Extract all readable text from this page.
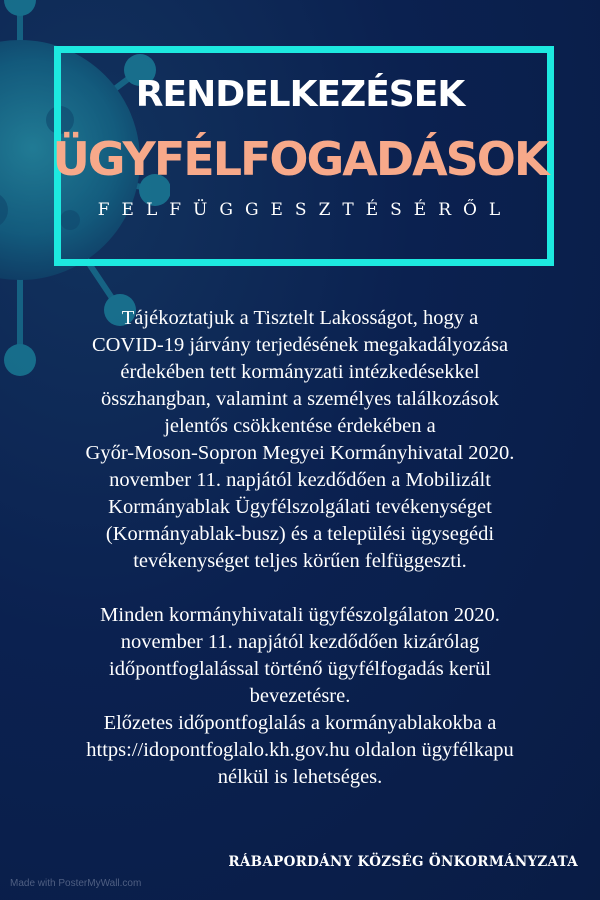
RENDELKEZÉSEK
ÜGYFÉLFOGADÁSOK
FELFÜGGESZTÉSÉRŐL

Tájékoztatjuk a Tisztelt Lakosságot, hogy a

COVID-19 járvány terjedésének megakadályozása

érdekében tett kormányzati intézkedésekkel

összhangban, valamint a személyes találkozások

jelentős csökkentése érdekében a

Győr-Moson-Sopron Megyei Kormányhivatal 2020.

november 11. napjától kezdődően a Mobilizált

Kormányablak Ügyfélszolgálati tevékenységet

(Kormányablak-busz) és a települési ügysegédi

tevékenységet teljes körűen felfüggeszti.

Minden kormányhivatali ügyfészolgálaton 2020.

november 11. napjától kezdődően kizárólag

időpontfoglalással történő ügyfélfogadás kerül

bevezetésre.

Előzetes időpontfoglalás a kormányablakokba a

https://idopontfoglalo.kh.gov.hu oldalon ügyfélkapu

nélkül is lehetséges.

RÁBAPORDÁNY KÖZSÉG ÖNKORMÁNYZATA
Made with PosterMyWall.com
